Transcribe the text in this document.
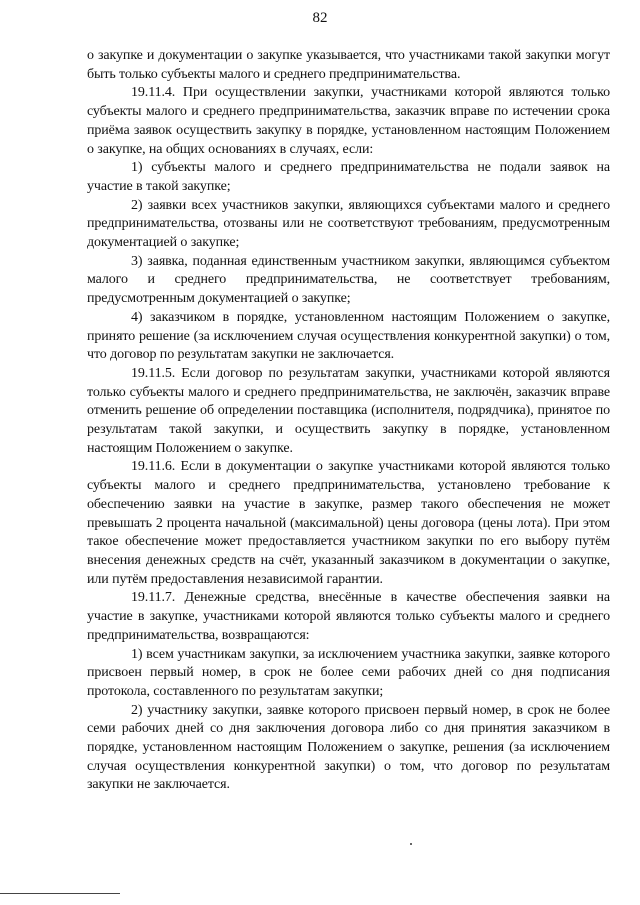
82

о закупке и документации о закупке указывается, что участниками такой закупки могут быть только субъекты малого и среднего предпринимательства.

19.11.4. При осуществлении закупки, участниками которой являются только субъекты малого и среднего предпринимательства, заказчик вправе по истечении срока приёма заявок осуществить закупку в порядке, установленном настоящим Положением о закупке, на общих основаниях в случаях, если:

1) субъекты малого и среднего предпринимательства не подали заявок на участие в такой закупке;

2) заявки всех участников закупки, являющихся субъектами малого и среднего предпринимательства, отозваны или не соответствуют требованиям, предусмотренным документацией о закупке;

3) заявка, поданная единственным участником закупки, являющимся субъектом малого и среднего предпринимательства, не соответствует требованиям, предусмотренным документацией о закупке;

4) заказчиком в порядке, установленном настоящим Положением о закупке, принято решение (за исключением случая осуществления конкурентной закупки) о том, что договор по результатам закупки не заключается.

19.11.5. Если договор по результатам закупки, участниками которой являются только субъекты малого и среднего предпринимательства, не заключён, заказчик вправе отменить решение об определении поставщика (исполнителя, подрядчика), принятое по результатам такой закупки, и осуществить закупку в порядке, установленном настоящим Положением о закупке.

19.11.6. Если в документации о закупке участниками которой являются только субъекты малого и среднего предпринимательства, установлено требование к обеспечению заявки на участие в закупке, размер такого обеспечения не может превышать 2 процента начальной (максимальной) цены договора (цены лота). При этом такое обеспечение может предоставляется участником закупки по его выбору путём внесения денежных средств на счёт, указанный заказчиком в документации о закупке, или путём предоставления независимой гарантии.

19.11.7. Денежные средства, внесённые в качестве обеспечения заявки на участие в закупке, участниками которой являются только субъекты малого и среднего предпринимательства, возвращаются:

1) всем участникам закупки, за исключением участника закупки, заявке которого присвоен первый номер, в срок не более семи рабочих дней со дня подписания протокола, составленного по результатам закупки;

2) участнику закупки, заявке которого присвоен первый номер, в срок не более семи рабочих дней со дня заключения договора либо со дня принятия заказчиком в порядке, установленном настоящим Положением о закупке, решения (за исключением случая осуществления конкурентной закупки) о том, что договор по результатам закупки не заключается.
